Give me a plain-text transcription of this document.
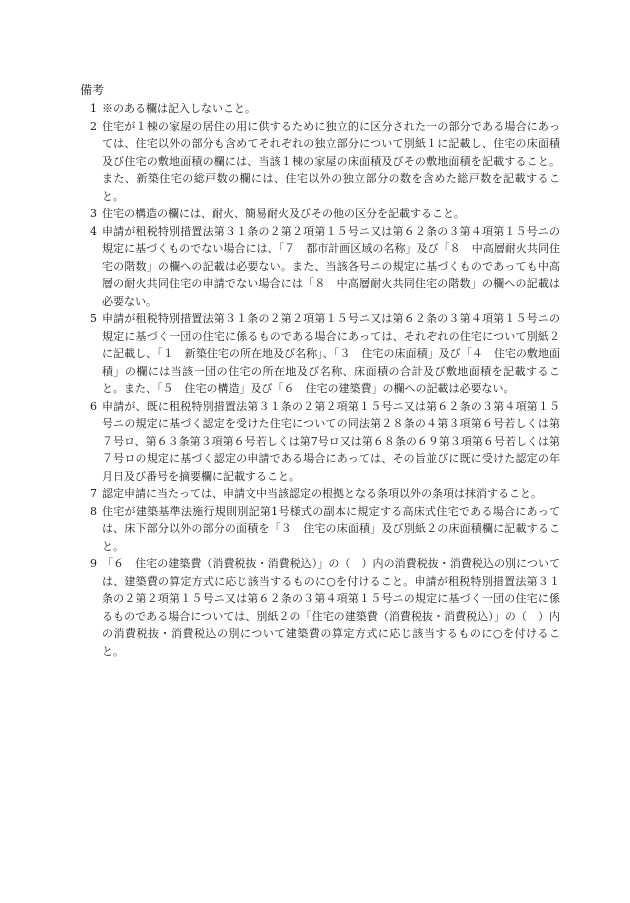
備考
1 ※のある欄は記入しないこと。
2 住宅が１棟の家屋の居住の用に供するために独立的に区分された一の部分である場合にあっては、住宅以外の部分も含めてそれぞれの独立部分について別紙１に記載し、住宅の床面積及び住宅の敷地面積の欄には、当該１棟の家屋の床面積及びその敷地面積を記載すること。また、新築住宅の総戸数の欄には、住宅以外の独立部分の数を含めた総戸数を記載すること。
3 住宅の構造の欄には、耐火、簡易耐火及びその他の区分を記載すること。
4 申請が租税特別措置法第３１条の２第２項第１５号ニ又は第６２条の３第４項第１５号ニの規定に基づくものでない場合には、「７　都市計画区域の名称」及び「８　中高層耐火共同住宅の階数」の欄への記載は必要ない。また、当該各号ニの規定に基づくものであっても中高層の耐火共同住宅の申請でない場合には「８　中高層耐火共同住宅の階数」の欄への記載は必要ない。
5 申請が租税特別措置法第３１条の２第２項第１５号ニ又は第６２条の３第４項第１５号ニの規定に基づく一団の住宅に係るものである場合にあっては、それぞれの住宅について別紙２に記載し、「１　新築住宅の所在地及び名称」、「３　住宅の床面積」及び「４　住宅の敷地面積」の欄には当該一団の住宅の所在地及び名称、床面積の合計及び敷地面積を記載すること。また、「５　住宅の構造」及び「６　住宅の建築費」の欄への記載は必要ない。
6 申請が、既に租税特別措置法第３１条の２第２項第１５号ニ又は第６２条の３第４項第１５号ニの規定に基づく認定を受けた住宅についての同法第２８条の４第３項第６号若しくは第７号ロ、第６３条第３項第６号若しくは第7号ロ又は第６８条の６９第３項第６号若しくは第７号ロの規定に基づく認定の申請である場合にあっては、その旨並びに既に受けた認定の年月日及び番号を摘要欄に記載すること。
7 認定申請に当たっては、申請文中当該認定の根拠となる条項以外の条項は抹消すること。
8 住宅が建築基準法施行規則別記第1号様式の副本に規定する高床式住宅である場合にあっては、床下部分以外の部分の面積を「３　住宅の床面積」及び別紙２の床面積欄に記載すること。
9 「６　住宅の建築費（消費税抜・消費税込）」の（　）内の消費税抜・消費税込の別については、建築費の算定方式に応じ該当するものに○を付けること。申請が租税特別措置法第３１条の２第２項第１５号ニ又は第６２条の３第４項第１５号ニの規定に基づく一団の住宅に係るものである場合については、別紙２の「住宅の建築費（消費税抜・消費税込）」の（　）内の消費税抜・消費税込の別について建築費の算定方式に応じ該当するものに○を付けること。
